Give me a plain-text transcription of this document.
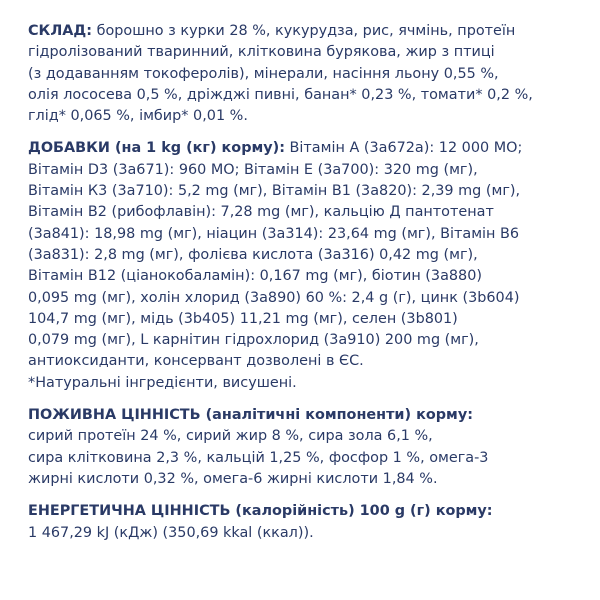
СКЛАД: борошно з курки 28 %, кукурудза, рис, ячмінь, протеїн
гідролізований тваринний, клітковина бурякова, жир з птиці
(з додаванням токоферолів), мінерали, насіння льону 0,55 %,
олія лососева 0,5 %, дріжджі пивні, банан* 0,23 %, томати* 0,2 %,
глід* 0,065 %, імбир* 0,01 %.
ДОБАВКИ (на 1 kg (кг) корму): Вітамін А (3a672a): 12 000 МО;
Вітамін D3 (3a671): 960 МО; Вітамін Е (3a700): 320 mg (мг),
Вітамін К3 (3a710): 5,2 mg (мг), Вітамін B1 (3a820): 2,39 mg (мг),
Вітамін B2 (рибофлавін): 7,28 mg (мг), кальцію Д пантотенат
(3a841): 18,98 mg (мг), ніацин (3a314): 23,64 mg (мг), Вітамін B6
(3a831): 2,8 mg (мг), фолієва кислота (3a316) 0,42 mg (мг),
Вітамін B12 (ціанокобаламін): 0,167 mg (мг), біотин (3a880)
0,095 mg (мг), холін хлорид (3a890) 60 %: 2,4 g (г), цинк (3b604)
104,7 mg (мг), мідь (3b405) 11,21 mg (мг), селен (3b801)
0,079 mg (мг), L карнітин гідрохлорид (3a910) 200 mg (мг),
антиоксиданти, консервант дозволені в ЄС.
*Натуральні інгредієнти, висушені.
ПОЖИВНА ЦІННІСТЬ (аналітичні компоненти) корму:
сирий протеїн 24 %, сирий жир 8 %, сира зола 6,1 %,
сира клітковина 2,3 %, кальцій 1,25 %, фосфор 1 %, омега-3
жирні кислоти 0,32 %, омега-6 жирні кислоти 1,84 %.
ЕНЕРГЕТИЧНА ЦІННІСТЬ (калорійність) 100 g (г) корму:
1 467,29 kJ (кДж) (350,69 kkal (ккал)).
